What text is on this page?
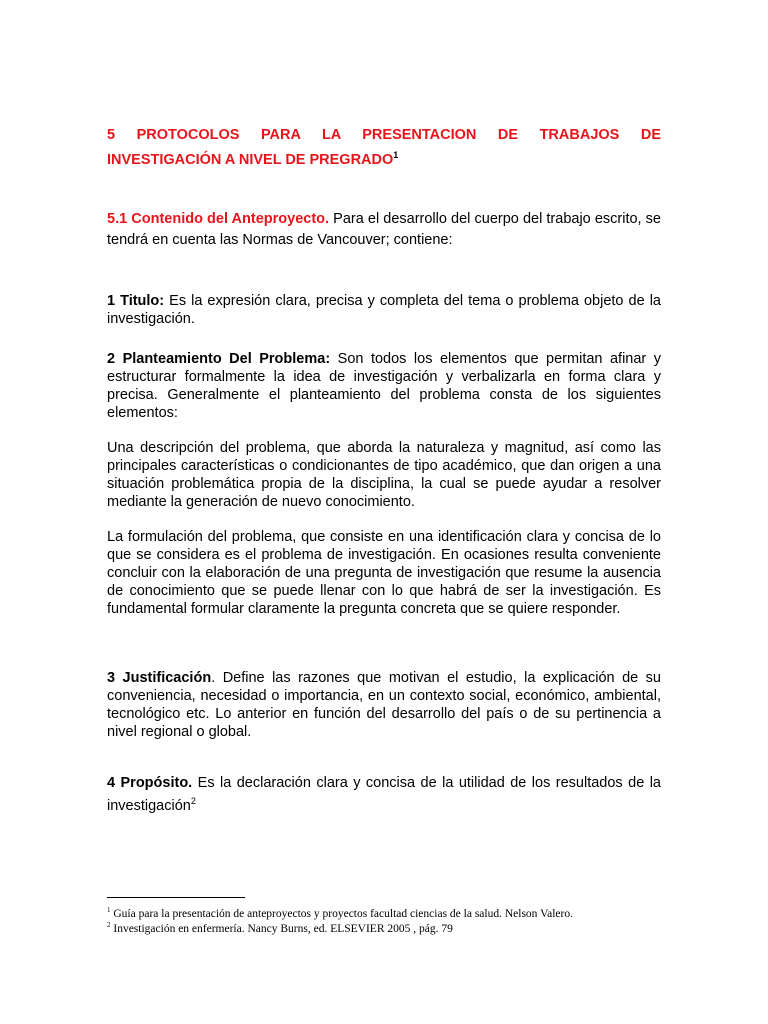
5 PROTOCOLOS PARA LA PRESENTACION DE TRABAJOS DE
INVESTIGACIÓN A NIVEL DE PREGRADO$^1$
5.1 Contenido del Anteproyecto. Para el desarrollo del cuerpo del trabajo escrito, se tendrá en cuenta las Normas de Vancouver; contiene:
1 Titulo: Es la expresión clara, precisa y completa del tema o problema objeto de la investigación.
2 Planteamiento Del Problema: Son todos los elementos que permitan afinar y estructurar formalmente la idea de investigación y verbalizarla en forma clara y precisa. Generalmente el planteamiento del problema consta de los siguientes elementos:
Una descripción del problema, que aborda la naturaleza y magnitud, así como las principales características o condicionantes de tipo académico, que dan origen a una situación problemática propia de la disciplina, la cual se puede ayudar a resolver mediante la generación de nuevo conocimiento.
La formulación del problema, que consiste en una identificación clara y concisa de lo que se considera es el problema de investigación. En ocasiones resulta conveniente concluir con la elaboración de una pregunta de investigación que resume la ausencia de conocimiento que se puede llenar con lo que habrá de ser la investigación. Es fundamental formular claramente la pregunta concreta que se quiere responder.
3 Justificación. Define las razones que motivan el estudio, la explicación de su conveniencia, necesidad o importancia, en un contexto social, económico, ambiental, tecnológico etc. Lo anterior en función del desarrollo del país o de su pertinencia a nivel regional o global.
4 Propósito. Es la declaración clara y concisa de la utilidad de los resultados de la investigación$^2$
$^1$ Guía para la presentación de anteproyectos y proyectos facultad ciencias de la salud. Nelson Valero.
$^2$ Investigación en enfermería. Nancy Burns, ed. ELSEVIER 2005 , pág. 79
